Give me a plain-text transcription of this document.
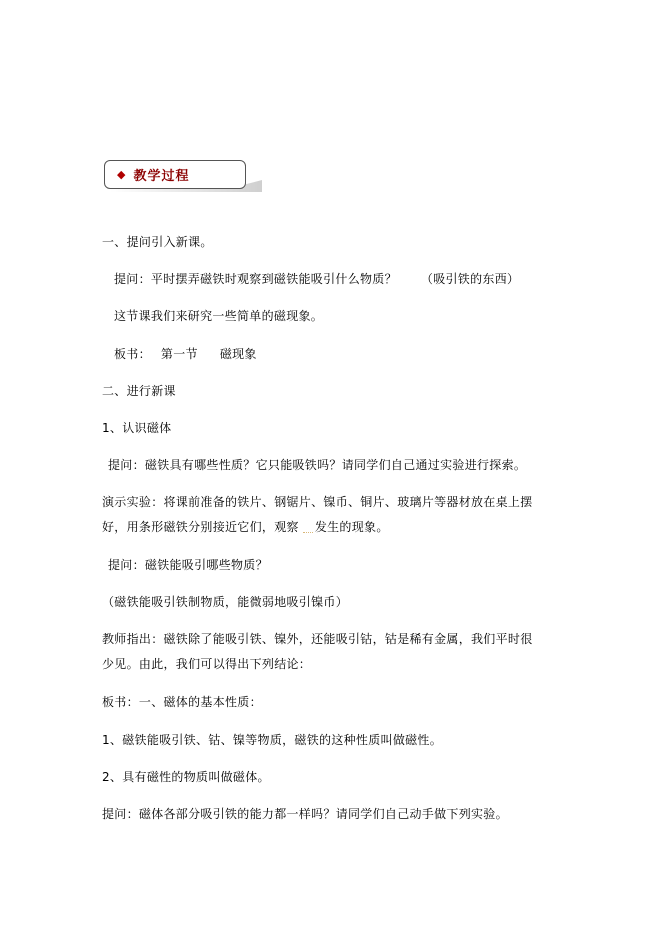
◆ 教学过程
一、提问引入新课。
提问：平时摆弄磁铁时观察到磁铁能吸引什么物质？ （吸引铁的东西）
这节课我们来研究一些简单的磁现象。
板书： 第一节 磁现象
二、进行新课
1、认识磁体
提问：磁铁具有哪些性质？它只能吸铁吗？请同学们自己通过实验进行探索。
演示实验：将课前准备的铁片、钢锯片、镍币、铜片、玻璃片等器材放在桌上摆
好，用条形磁铁分别接近它们，观察 发生的现象。
提问：磁铁能吸引哪些物质？
（磁铁能吸引铁制物质，能微弱地吸引镍币）
教师指出：磁铁除了能吸引铁、镍外，还能吸引钴，钴是稀有金属，我们平时很
少见。由此，我们可以得出下列结论：
板书：一、磁体的基本性质：
1、磁铁能吸引铁、钴、镍等物质，磁铁的这种性质叫做磁性。
2、具有磁性的物质叫做磁体。
提问：磁体各部分吸引铁的能力都一样吗？请同学们自己动手做下列实验。
